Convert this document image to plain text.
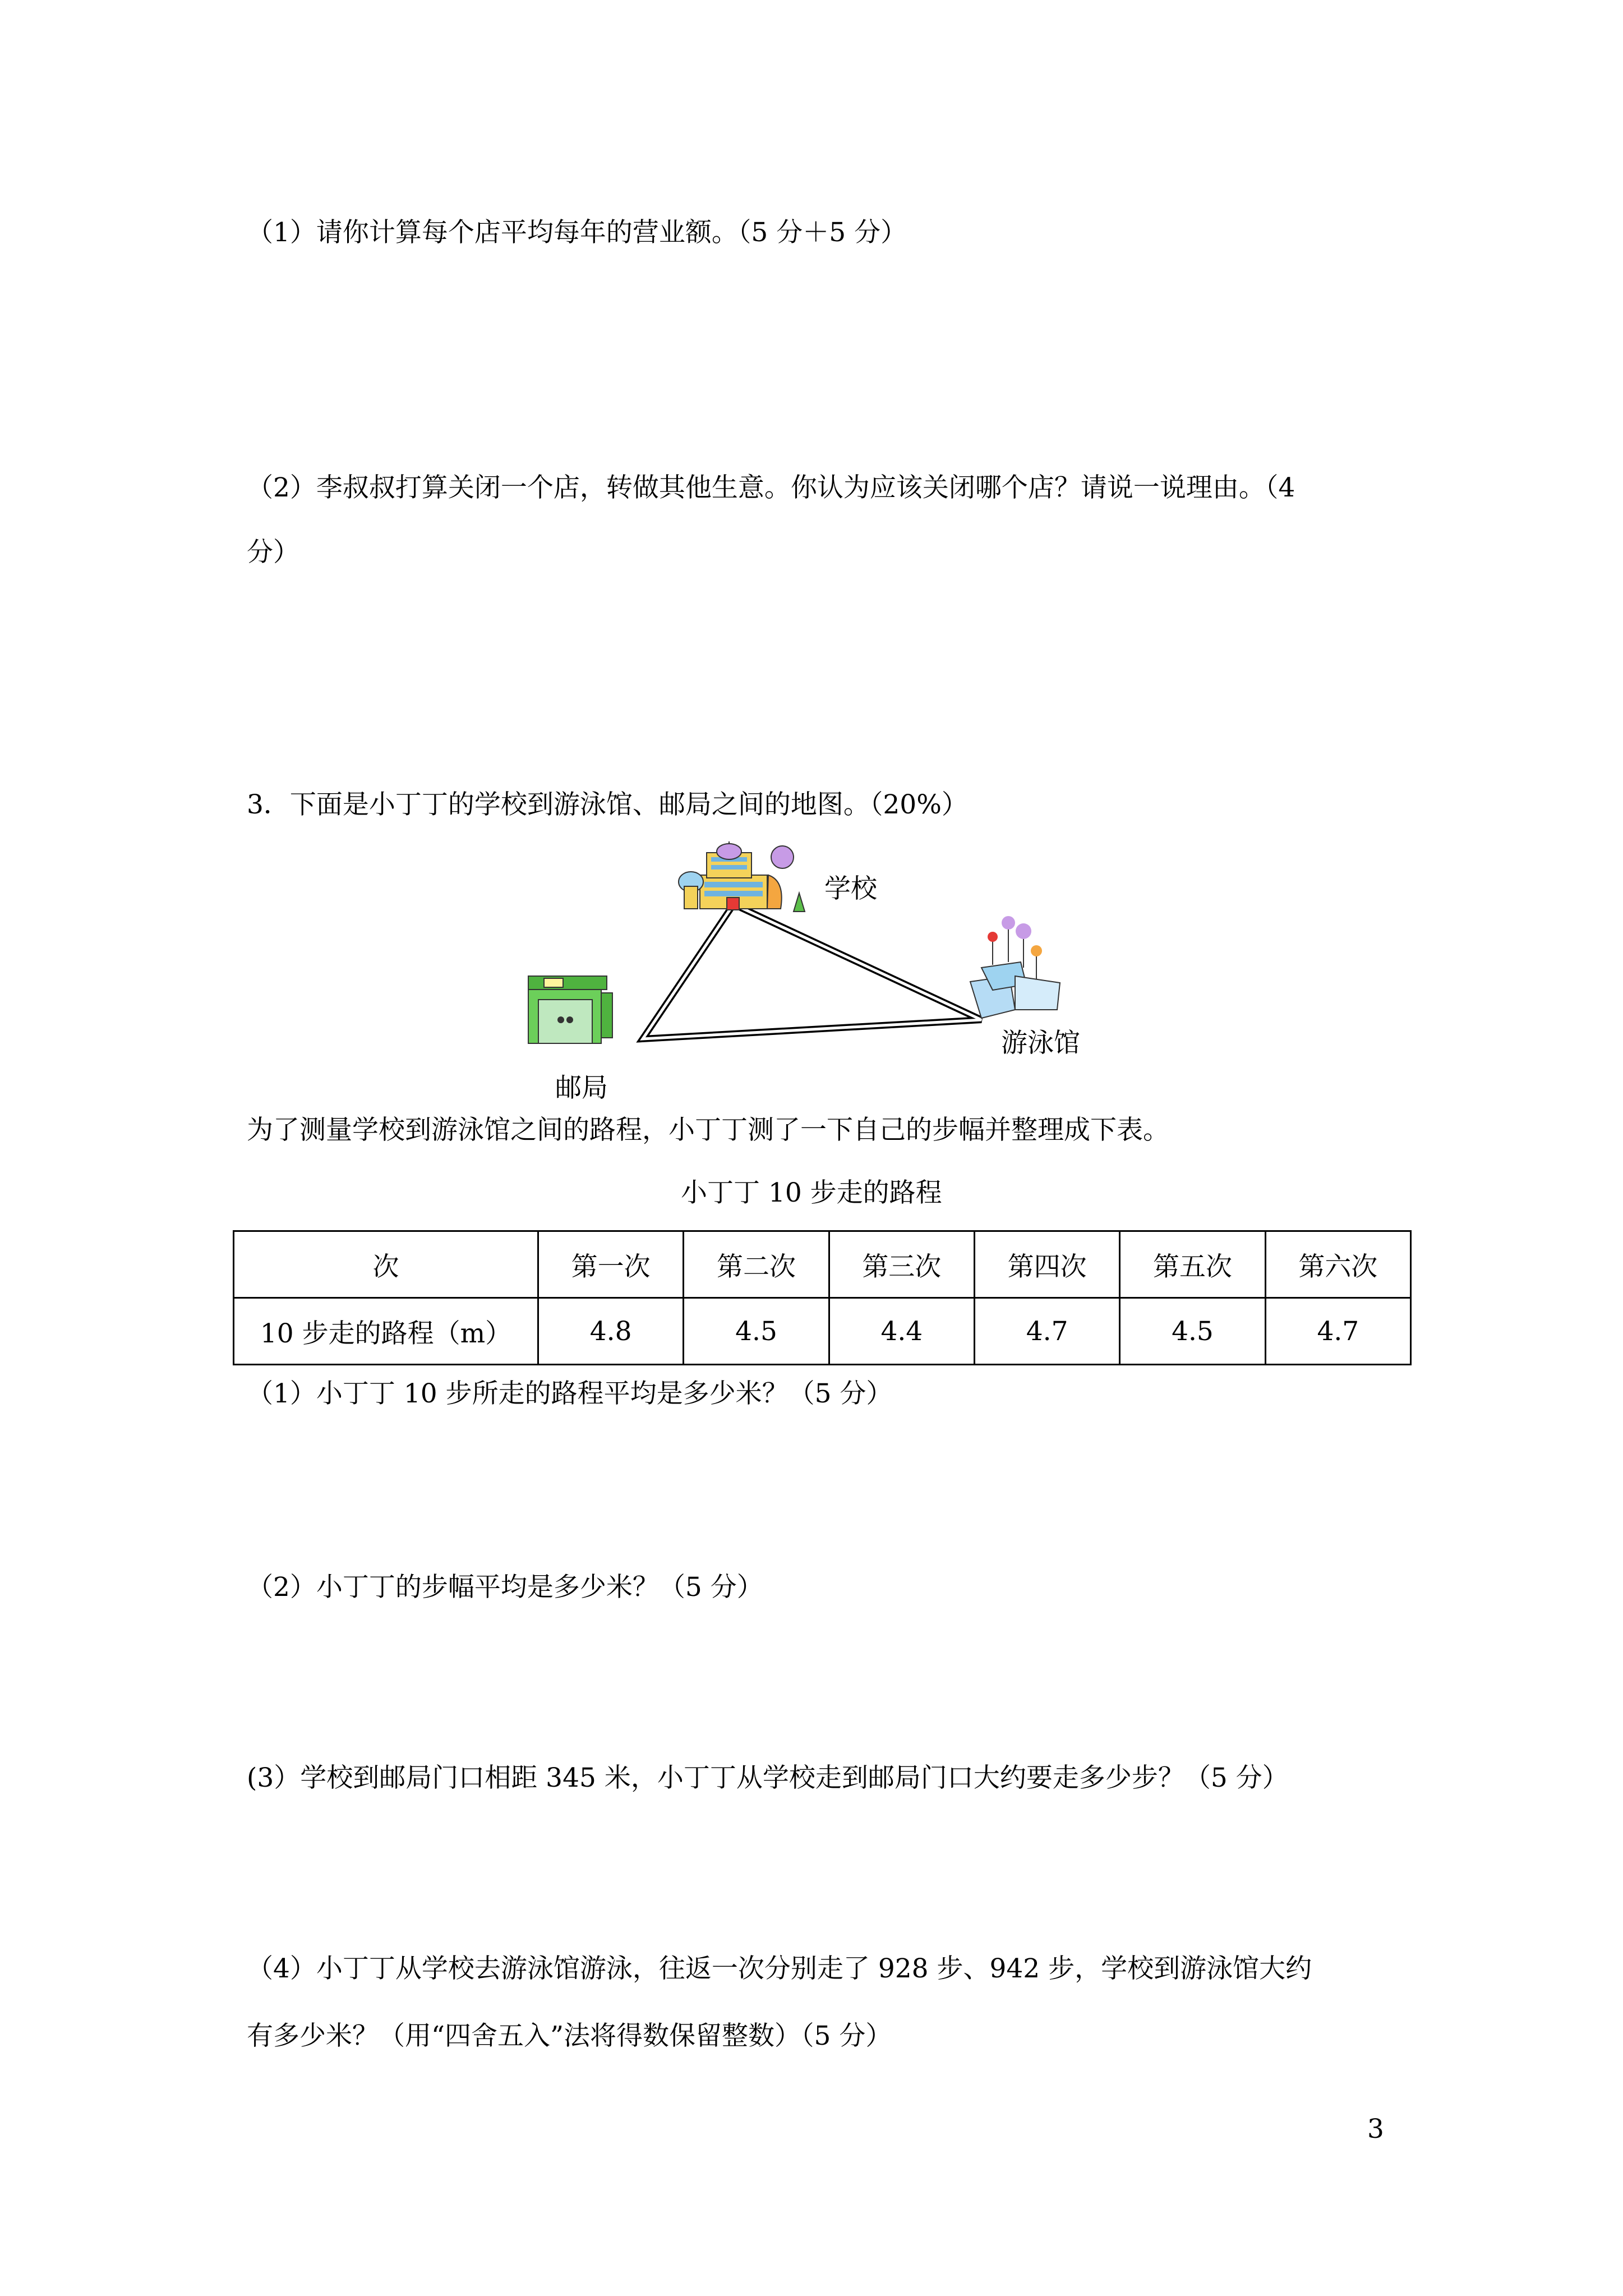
（1）请你计算每个店平均每年的营业额。（5 分＋5 分）
（2）李叔叔打算关闭一个店，转做其他生意。你认为应该关闭哪个店？请说一说理由。（4
分）
3．下面是小丁丁的学校到游泳馆、邮局之间的地图。（20%）
学校
游泳馆
邮局
为了测量学校到游泳馆之间的路程，小丁丁测了一下自己的步幅并整理成下表。
小丁丁 10 步走的路程
次	第一次	第二次	第三次	第四次	第五次	第六次
10 步走的路程（m）	4.8	4.5	4.4	4.7	4.5	4.7
（1）小丁丁 10 步所走的路程平均是多少米？（5 分）
（2）小丁丁的步幅平均是多少米？（5 分）
(3）学校到邮局门口相距 345 米，小丁丁从学校走到邮局门口大约要走多少步？（5 分）
（4）小丁丁从学校去游泳馆游泳，往返一次分别走了 928 步、942 步，学校到游泳馆大约
有多少米？（用“四舍五入”法将得数保留整数）（5 分）
3
